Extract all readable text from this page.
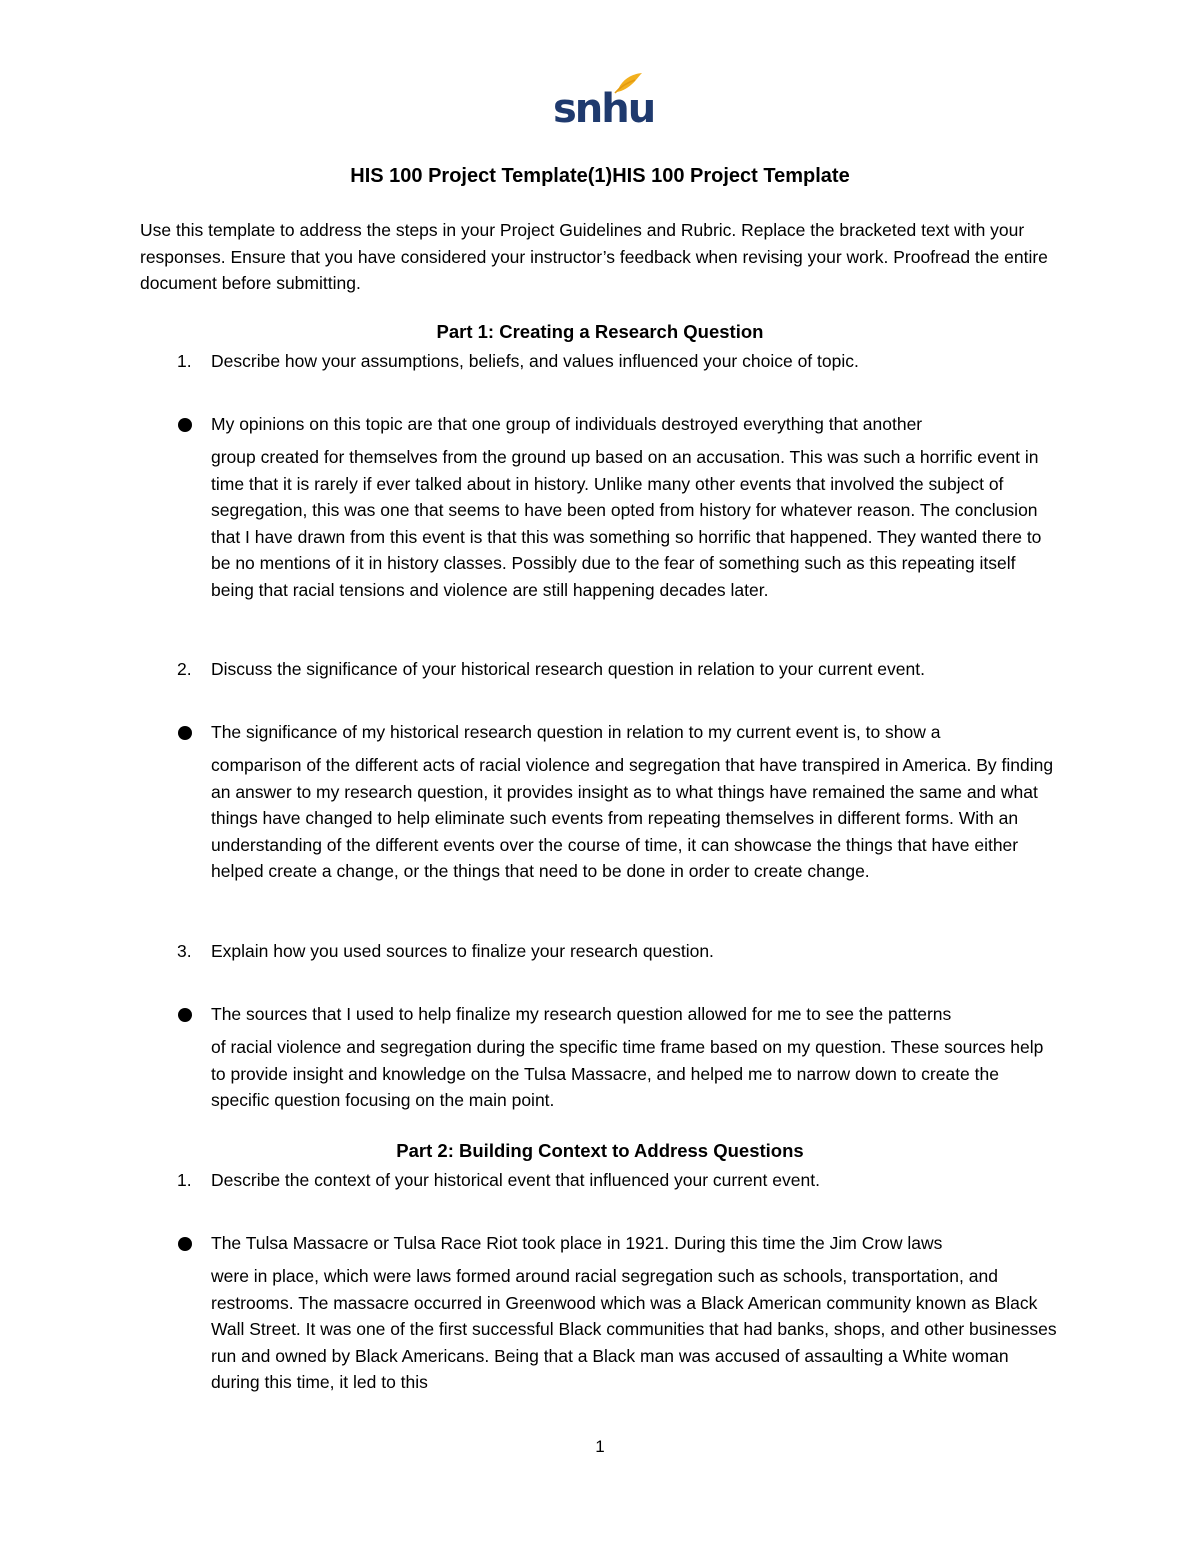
snhu
HIS 100 Project Template(1)HIS 100 Project Template
Use this template to address the steps in your Project Guidelines and Rubric. Replace the bracketed text with your responses. Ensure that you have considered your instructor’s feedback when revising your work. Proofread the entire document before submitting.
Part 1: Creating a Research Question
1. Describe how your assumptions, beliefs, and values influenced your choice of topic.
My opinions on this topic are that one group of individuals destroyed everything that another
group created for themselves from the ground up based on an accusation. This was such a horrific event in time that it is rarely if ever talked about in history. Unlike many other events that involved the subject of segregation, this was one that seems to have been opted from history for whatever reason. The conclusion that I have drawn from this event is that this was something so horrific that happened. They wanted there to be no mentions of it in history classes. Possibly due to the fear of something such as this repeating itself being that racial tensions and violence are still happening decades later.
2. Discuss the significance of your historical research question in relation to your current event.
The significance of my historical research question in relation to my current event is, to show a
comparison of the different acts of racial violence and segregation that have transpired in America. By finding an answer to my research question, it provides insight as to what things have remained the same and what things have changed to help eliminate such events from repeating themselves in different forms. With an understanding of the different events over the course of time, it can showcase the things that have either helped create a change, or the things that need to be done in order to create change.
3. Explain how you used sources to finalize your research question.
The sources that I used to help finalize my research question allowed for me to see the patterns
of racial violence and segregation during the specific time frame based on my question. These sources help to provide insight and knowledge on the Tulsa Massacre, and helped me to narrow down to create the specific question focusing on the main point.
Part 2: Building Context to Address Questions
1. Describe the context of your historical event that influenced your current event.
The Tulsa Massacre or Tulsa Race Riot took place in 1921. During this time the Jim Crow laws
were in place, which were laws formed around racial segregation such as schools, transportation, and restrooms. The massacre occurred in Greenwood which was a Black American community known as Black Wall Street. It was one of the first successful Black communities that had banks, shops, and other businesses run and owned by Black Americans. Being that a Black man was accused of assaulting a White woman during this time, it led to this
1
